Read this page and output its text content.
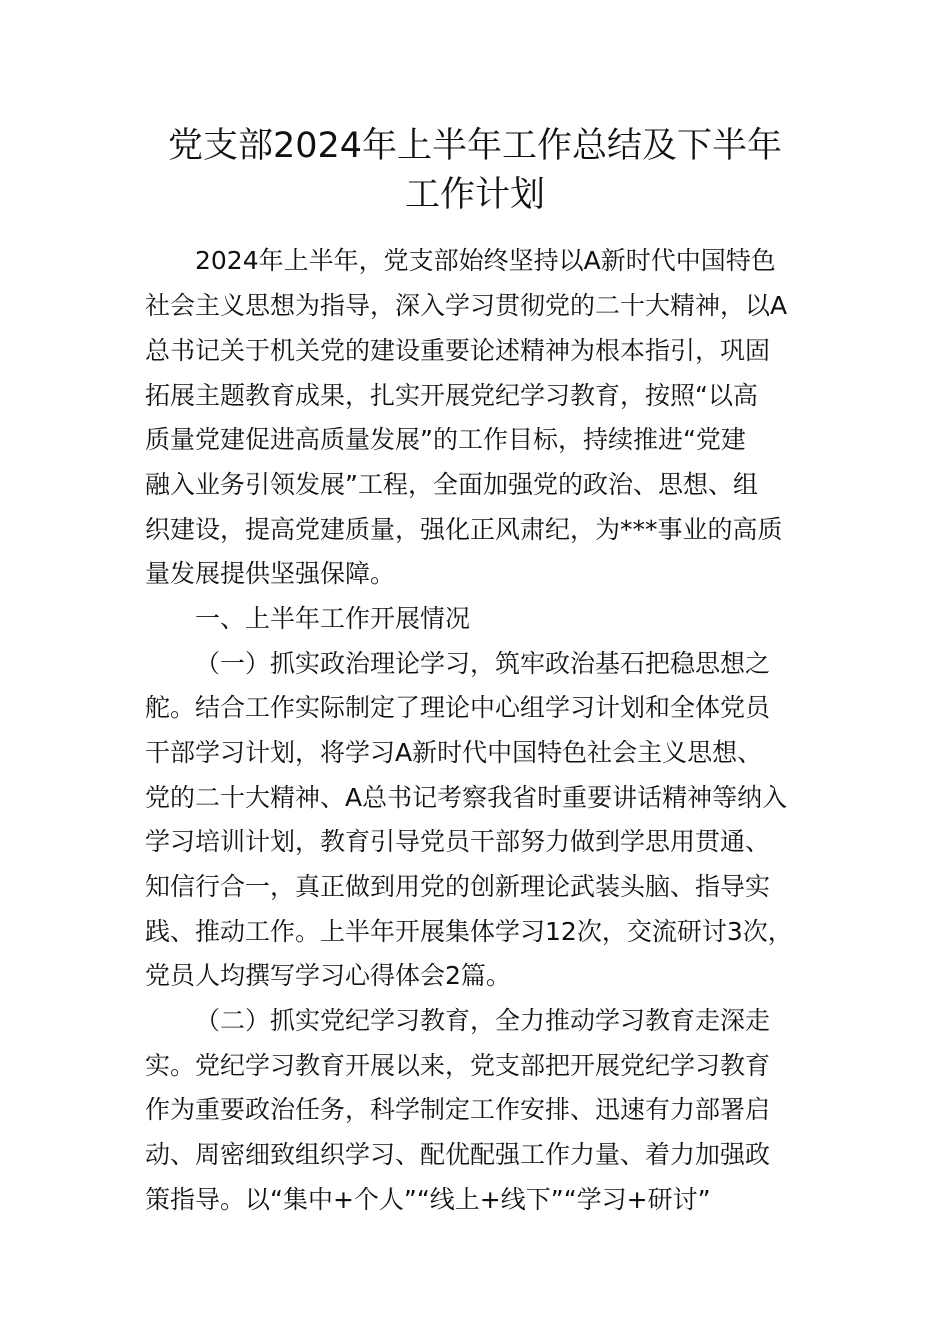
党支部2024年上半年工作总结及下半年
工作计划

2024年上半年，党支部始终坚持以A新时代中国特色

社会主义思想为指导，深入学习贯彻党的二十大精神，以A

总书记关于机关党的建设重要论述精神为根本指引，巩固

拓展主题教育成果，扎实开展党纪学习教育，按照“以高

质量党建促进高质量发展”的工作目标，持续推进“党建

融入业务引领发展”工程，全面加强党的政治、思想、组

织建设，提高党建质量，强化正风肃纪，为***事业的高质

量发展提供坚强保障。

一、上半年工作开展情况

（一）抓实政治理论学习，筑牢政治基石把稳思想之

舵。结合工作实际制定了理论中心组学习计划和全体党员

干部学习计划，将学习A新时代中国特色社会主义思想、

党的二十大精神、A总书记考察我省时重要讲话精神等纳入

学习培训计划，教育引导党员干部努力做到学思用贯通、

知信行合一，真正做到用党的创新理论武装头脑、指导实

践、推动工作。上半年开展集体学习12次，交流研讨3次，

党员人均撰写学习心得体会2篇。

（二）抓实党纪学习教育，全力推动学习教育走深走

实。党纪学习教育开展以来，党支部把开展党纪学习教育

作为重要政治任务，科学制定工作安排、迅速有力部署启

动、周密细致组织学习、配优配强工作力量、着力加强政

策指导。以“集中+个人”“线上+线下”“学习+研讨”
